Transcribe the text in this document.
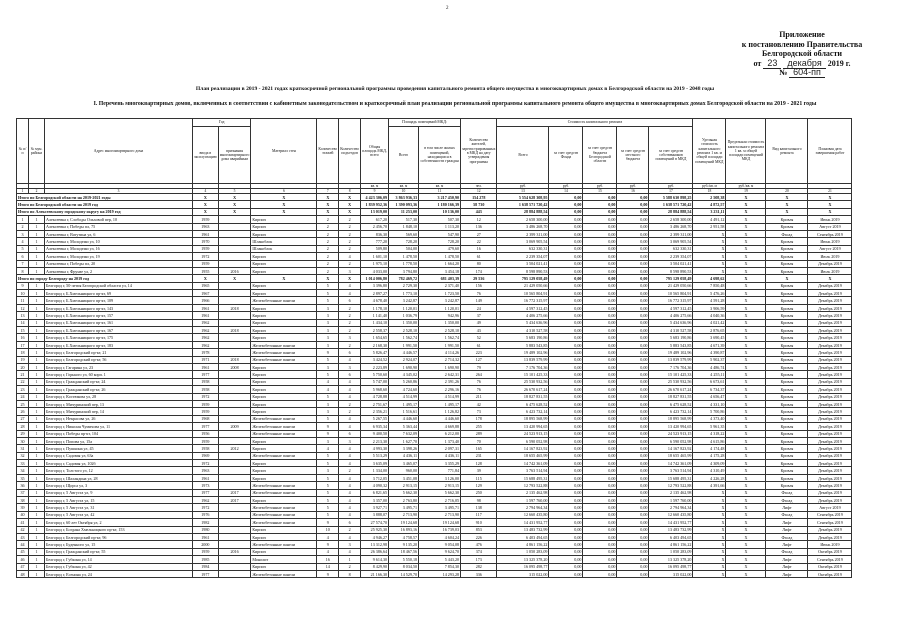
2
Приложение
к постановлению Правительства
Белгородской области
от 23 декабря 2019 г.
№ 604-пп
План реализации в 2019 - 2021 годах краткосрочной региональной программы проведения капитального ремонта общего имущества в многоквартирных домах в Белгородской области на 2019 - 2048 годы
I. Перечень многоквартирных домов, включенных в соответствии с кабинетным законодательством и краткосрочный план реализации региональной программы капитального ремонта общего имущества в многоквартирных домах Белгородской области на 2019 - 2021 годы
№ п/п	№ мун. района	Адрес многоквартирного дома	Год		Материал стен	Количество этажей	Количество подъездов	Общая площадь МКД, всего	Площадь помещений МКД:		Количество жителей, зарегистрированных в МКД на дату утверждения программы	Стоимость капитального ремонта					Удельная стоимость капитального ремонта 1 кв. м общей площади помещений МКД	Предельная стоимость капитального ремонта 1 кв. м общей площади помещений МКД	Вид капитального ремонта	Плановая дата завершения работ
			ввода в эксплуатацию	признания многоквартирного дома аварийным					Всего	в том числе жилых помещений, находящихся в собственности граждан		Всего	за счет средств Фонда	за счет средств бюджета Белгородской области	за счет средств местного бюджета	за счет средств собственников помещений в МКД				
								кв. м	кв. м	кв. м	чел.	руб.	руб.	руб.	руб.	руб.	руб./кв. м	руб./кв. м		
1	2	3	4	5	6	7	8	9	10	11	12	13	14	15	16	17	18	19	20	21
Итого по Белгородской области на 2019-2021 годы			X	X	X	X	X	4 423 306,09	3 863 936,33	3 217 450,90	154 278	5 554 628 308,95	0,00	0,00	0,00	5 588 630 898,25	2 508,38	X	X	X
Итого по Белгородской области на 2019 год			X	X	X	X	X	1 839 952,36	1 390 093,36	1 180 166,39	58 730	1 638 571 720,42	0,00	0,00	0,00	1 638 571 720,42	4 872,57	X	X	X
Итого по Алексеевскому городскому округу на 2019 год			X	X	X	X	X	13 019,00	11 253,00	10 136,00	443	28 884 888,54	0,00	0,00	0,00	28 884 888,54	3 231,11	X	X	X
1	1	Алексеевка г, Слободы Ольховой пер, 10	1959		Кирпич	2	2	617,20	517,30	507,30	12	2 658 300,00	0,00	0,00	0,00	2 658 300,00	4 491,12	X	Кровля	Июнь 2019
2	1	Алексеевка г, Победы пл, 75	1963		Кирпич	2	2	2 456,70	1 848,10	1 113,20	136	3 486 268,70	0,00	0,00	0,00	3 486 268,70	2 951,58	X	Кровля	Август 2019
3	1	Алексеевка г, Ватутина ул, 6	1961		Кирпич	2	2	836,30	569,60	547,90	27	2 399 311,00	0,00	0,00	0,00	2 399 311,00	X	X	Фасад	Сентябрь 2019
4	1	Алексеевка г, Молодежи ул, 10	1970		Шлакоблок	2	2	777,20	728,20	728,20	22	3 069 905,54	0,00	0,00	0,00	3 069 905,54	X	X	Кровля	Июнь 2019
5	1	Алексеевка г, Молодежи ул, 16	1959		Шлакоблок	2	2	509,80	504,00	479,60	16	632 330,31	0,00	0,00	0,00	632 330,31	X	X	Кровля	Август 2019
6	1	Алексеевка г, Молодежи ул, 19	1972		Кирпич	2	4	1 601,10	1 478,50	1 478,50	61	2 239 354,07	0,00	0,00	0,00	2 239 354,07	X	X	Кровля	Июль 2019
7	1	Алексеевка г, Победы пл, 20	1959		Кирпич	2	2	1 975,10	1 778,50	1 664,20	80	3 504 021,41	0,00	0,00	0,00	3 504 021,41	X	X	Кровля	Декабрь 2019
8	1	Алексеевка г, Фрунзе ул, 2	1955	2016	Кирпич	2	3	4 033,00	3 794,80	3 454,18	174	8 598 890,53	0,00	0,00	0,00	8 598 890,53	X	X	Кровля	Июль 2019
Итого по городу Белгороду на 2019 год			X	X	X	X	X	1 014 006,80	782 469,72	681 403,39	29 536	795 129 058,49	0,00	0,00	0,00	795 129 058,49	4 698,62	X	X	X
9	1	Белгород г, 50-летия Белгородской области ул, 14	1965		Кирпич	5	4	3 396,80	2 729,30	2 371,40	156	21 429 050,66	0,00	0,00	0,00	21 429 050,66	7 850,48	X	Кровля	Декабрь 2019
10	1	Белгород г, Б.Хмельницкого пр-кт, 69	1967		Кирпич	5	4	2 897,27	1 773,10	1 723,50	76	10 565 804,91	0,00	0,00	0,00	10 565 804,91	5 476,26	X	Кровля	Декабрь 2019
11	1	Белгород г, Б.Хмельницкого пр-кт, 109	1966		Железобетонные панели	5	6	4 678,40	3 242,87	3 242,87	149	16 772 315,97	0,00	0,00	0,00	16 772 315,97	4 591,28	X	Кровля	Декабрь 2019
12	1	Белгород г, Б.Хмельницкого пр-кт, 143	1961	2018	Кирпич	3	2	1 178,10	1 120,01	1 120,01	24	4 597 312,45	0,00	0,00	0,00	4 597 312,45	3 906,59	X	Кровля	Декабрь 2019
13	1	Белгород г, Б.Хмельницкого пр-кт, 157	1961		Кирпич	3	2	1 141,40	1 036,79	942,96	37	4 406 275,66	0,00	0,00	0,00	4 406 275,66	4 040,36	X	Кровля	Декабрь 2019
14	1	Белгород г, Б.Хмельницкого пр-кт, 161	1962		Кирпич	3	2	1 434,10	1 350,00	1 350,00	49	5 434 636,96	0,00	0,00	0,00	5 434 636,96	4 021,42	X	Кровля	Декабрь 2019
15	1	Белгород г, Б.Хмельницкого пр-кт, 167	1962	2018	Кирпич	3	2	2 558,37	2 528,10	2 528,10	43	4 310 527,58	0,00	0,00	0,00	4 310 527,58	2 876,65	X	Кровля	Декабрь 2019
16	1	Белгород г, Б.Хмельницкого пр-кт, 175	1962		Кирпич	3	3	1 654,65	1 562,74	1 562,74	52	5 683 190,86	0,00	0,00	0,00	5 683 190,86	3 690,45	X	Кровля	Декабрь 2019
17	1	Белгород г, Б.Хмельницкого пр-кт, 183	1962		Железобетонные панели	3	2	2 168,30	1 991,50	1 991,50	61	5 883 543,85	0,00	0,00	0,00	5 883 543,85	4 671,39	X	Кровля	Декабрь 2019
18	1	Белгород г, Белгородский пр-кт, 21	1978		Железобетонные панели	9	6	5 826,47	4 446,57	4 114,26	223	19 489 102,96	0,00	0,00	0,00	19 489 102,96	4 390,87	X	Кровля	Декабрь 2019
19	1	Белгород г, Белгородский пр-кт, 56	1971	2018	Железобетонные панели	5	4	3 424,52	2 924,07	2 714,32	127	13 839 579,99	0,00	0,00	0,00	13 839 579,99	5 902,37	X	Кровля	Декабрь 2019
20	1	Белгород г, Гагарина ул, 23	1961	2008	Кирпич	3	3	2 223,89	1 690,90	1 690,90	79	7 176 704,36	0,00	0,00	0,00	7 176 704,36	4 486,74	X	Кровля	Декабрь 2019
21	1	Белгород г, Горького ул, 60 корп. 1	1977		Кирпич	5	6	5 750,60	4 345,02	2 642,31	264	15 101 425,33	0,00	0,00	0,00	15 101 425,33	4 255,11	X	Кровля	Декабрь 2019
22	1	Белгород г, Гражданский пр-кт, 24	1958		Кирпич	4	4	5 747,00	5 260,86	2 391,26	76	25 530 932,56	0,00	0,00	0,00	25 530 932,56	6 673,61	X	Кровля	Декабрь 2019
23	1	Белгород г, Гражданский пр-кт, 26	1958		Кирпич	4	4	5 968,60	4 724,60	2 296,16	76	26 670 617,24	0,00	0,00	0,00	26 670 617,24	6 734,37	X	Кровля	Декабрь 2019
24	1	Белгород г, Костюкова ул, 28	1972		Кирпич	5	4	4 728,88	4 514,99	4 514,99	211	18 827 831,55	0,00	0,00	0,00	18 827 831,55	4 656,47	X	Кровля	Декабрь 2019
25	1	Белгород г, Мичуринский пер, 13	1959		Кирпич	3	2	2 751,67	1 495,17	1 495,17	42	6 475 628,52	0,00	0,00	0,00	6 475 628,52	4 331,10	X	Кровля	Декабрь 2019
26	1	Белгород г, Мичуринский пер, 14	1959		Кирпич	3	2	2 356,21	1 516,61	1 126,82	73	6 423 732,14	0,00	0,00	0,00	6 423 732,14	5 700,86	X	Кровля	Декабрь 2019
27	1	Белгород г, Некрасова ул, 26	1968		Железобетонные панели	5	4	5 267,55	4 446,60	4 446,60	178	18 895 568,99	0,00	0,00	0,00	18 895 568,99	4 373,40	X	Кровля	Декабрь 2019
28	1	Белгород г, Николая Чумичова ул, 11	1977	2009	Железобетонные панели	9	4	6 935,34	5 363,44	4 669,88	255	13 420 994,65	0,00	0,00	0,00	13 420 994,65	5 961,35	X	Кровля	Декабрь 2019
29	1	Белгород г, Победы пр-кт, 104	1956		Железобетонные панели	9	6	9 400,50	7 632,09	6 212,00	289	24 523 913,15	0,00	0,00	0,00	24 523 913,15	4 318,22	X	Кровля	Декабрь 2019
30	1	Белгород г, Попова ул, 15а	1959		Кирпич	3	3	2 213,30	1 627,70	1 373,40	70	6 590 052,98	0,00	0,00	0,00	6 590 052,98	4 615,86	X	Кровля	Декабрь 2019
31	1	Белгород г, Пушкина ул, 45	1958	2012	Кирпич	4	4	4 993,30	3 398,26	2 097,31	165	14 167 823,92	0,00	0,00	0,00	14 167 823,92	4 174,48	X	Кровля	Декабрь 2019
32	1	Белгород г, Садовая ул, 63а	1969		Железобетонные панели	5	4	5 513,29	4 436,11	4 436,11	231	18 655 465,99	0,00	0,00	0,00	18 655 465,99	4 175,28	X	Кровля	Декабрь 2019
33	1	Белгород г, Садовая ул, 102б	1972		Кирпич	5	4	3 635,09	3 465,07	3 355,29	128	14 742 361,09	0,00	0,00	0,00	14 742 361,09	4 309,09	X	Кровля	Декабрь 2019
34	1	Белгород г, Толстого ул, 12	1963		Кирпич	3	2	1 334,00	960,00	771,84	39	3 763 514,94	0,00	0,00	0,00	3 763 514,94	4 310,49	X	Кровля	Декабрь 2019
35	1	Белгород г, Шаландина ул, 28	1961		Кирпич	5	4	3 712,05	3 451,08	3 126,00	115	15 688 495,31	0,00	0,00	0,00	15 688 495,31	4 226,28	X	Кровля	Декабрь 2019
36	1	Белгород г, Щорса ул, 3	1973		Железобетонные панели	5	4	4 090,32	2 913,15	2 913,15	129	12 793 522,88	0,00	0,00	0,00	12 793 522,88	4 391,66	X	Кровля	Декабрь 2019
37	1	Белгород г, 5 Августа ул, 9	1977	2017	Железобетонные панели	5	4	6 821,65	5 662,30	5 662,30	250	2 135 462,98	0,00	0,00	0,00	2 135 462,98	X	X	Фасад	Декабрь 2019
38	1	Белгород г, 5 Августа ул, 15	1962	2017	Кирпич	5	4	3 357,00	2 763,80	2 716,05	98	1 597 760,00	0,00	0,00	0,00	1 597 760,00	X	X	Фасад	Декабрь 2019
39	1	Белгород г, 5 Августа ул, 31	1972		Железобетонные панели	5	4	3 927,71	3 495,71	3 495,71	138	2 794 964,34	0,00	0,00	0,00	2 794 964,34	X	X	Лифт	Август 2019
40	1	Белгород г, 5 Августа ул, 42	1976		Железобетонные панели	5	4	3 888,07	2 713,90	2 713,90	117	12 660 435,80	0,00	0,00	0,00	12 660 435,80	X	X	Фасад	Сентябрь 2019
41	1	Белгород г, 60 лет Октября ул, 2	1982		Железобетонные панели	9	6	27 574,70	19 124,68	19 124,68	910	14 431 952,77	0,00	0,00	0,00	14 431 952,77	X	X	Лифт	Сентябрь 2019
42	1	Белгород г, Богдана Хмельницкого пр-кт, 153	1980		Кирпич	10	2	25 925,30	16 893,16	16 739,03	853	13 483 732,99	0,00	0,00	0,00	13 483 732,99	X	X	Лифт	Декабрь 2019
43	1	Белгород г, Белгородский пр-кт, 96	1961		Кирпич	4	4	4 946,27	4 758,57	4 604,24	226	6 403 494,65	0,00	0,00	0,00	6 403 494,65	X	X	Фасад	Декабрь 2019
44	1	Белгород г, Буденного ул, 15	2000		Железобетонные панели	9	3	13 312,98	9 135,20	9 054,08	476	4 861 156,22	0,00	0,00	0,00	4 861 156,22	X	X	Лифт	Июнь 2019
45	1	Белгород г, Гражданский пр-кт, 55	1959	2016	Кирпич	4	4	26 386,64	18 467,56	9 624,70	374	1 050 283,09	0,00	0,00	0,00	1 050 283,09	X	X	Фасад	Октябрь 2019
46	1	Белгород г, Губкина ул, 14	1985		Монолит	16	1	9 614,30	5 550,18	5 443,20	173	13 325 378,20	0,00	0,00	0,00	13 325 378,20	X	X	Лифт	Сентябрь 2019
47	1	Белгород г, Губкина ул, 42	1984		Кирпич	14	2	8 429,90	8 034,50	7 854,30	282	16 095 498,77	0,00	0,00	0,00	16 095 498,77	X	X	Лифт	Октябрь 2019
48	1	Белгород г, Есенина ул, 24	1977		Железобетонные панели	9	8	21 166,30	14 529,70	14 293,28	336	315 022,00	0,00	0,00	0,00	315 022,00	X	X	Лифт	Октябрь 2019
